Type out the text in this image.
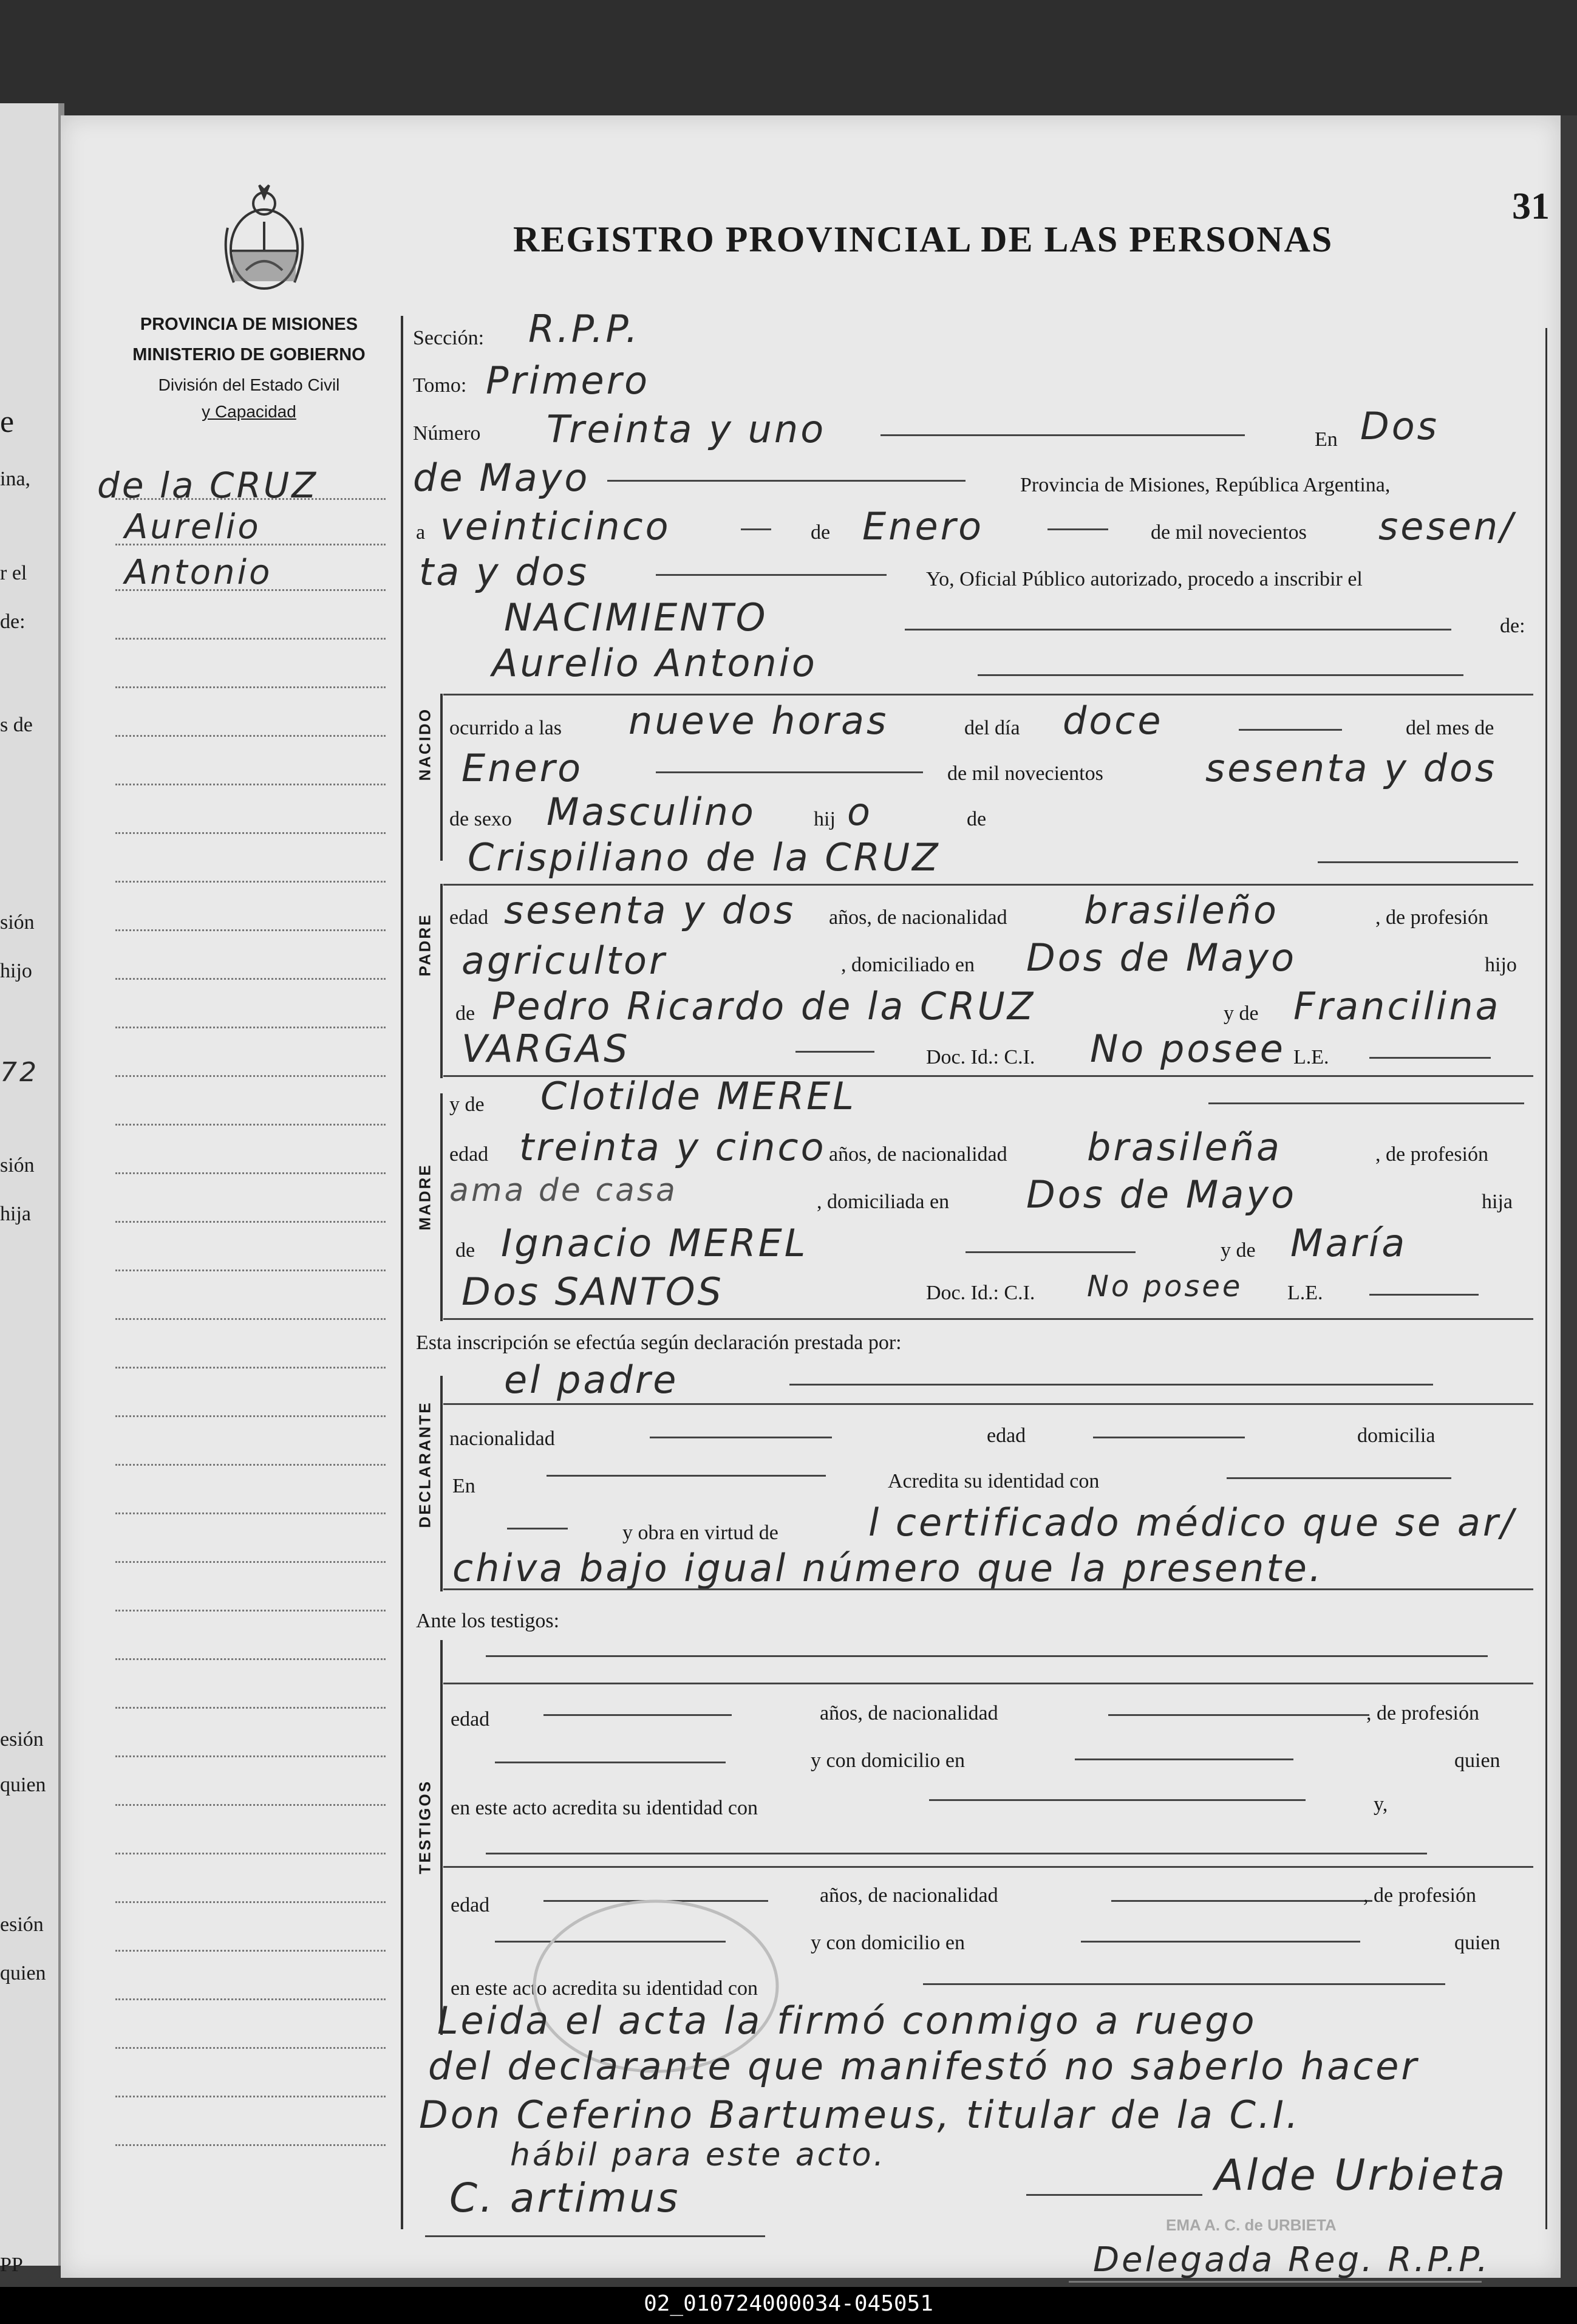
e
ina,
r el
de:
s de
sión
hijo
72
sión
hija
esión
quien
esión
quien
PP
REGISTRO PROVINCIAL DE LAS PERSONAS
31
PROVINCIA DE MISIONES
MINISTERIO DE GOBIERNO
División del Estado Civil
y Capacidad
de la CRUZ
Aurelio
Antonio
Sección: R.P.P.
Tomo: Primero
Número Treinta y uno	En Dos
de Mayo	Provincia de Misiones, República Argentina,
a veinticinco	de Enero	de mil novecientos sesen/
ta y dos	Yo, Oficial Público autorizado, procedo a inscribir el
NACIMIENTO	de:
Aurelio Antonio
NACIDO ocurrido a las nueve horas	del día doce	del mes de
Enero	de mil novecientos	sesenta y dos
de sexo Masculino	hij o	de
Crispiliano de la CRUZ
PADRE edad sesenta y dos años, de nacionalidad brasileño	, de profesión
agricultor	, domiciliado en Dos de Mayo	hijo
de Pedro Ricardo de la CRUZ	y de Francilina
VARGAS	Doc. Id.: C.I. No posee L.E.
MADRE
y de Clotilde MEREL
edad treinta y cinco años, de nacionalidad brasileña	, de profesión
ama de casa	, domiciliada en Dos de Mayo	hija
de Ignacio MEREL	y de María
Dos SANTOS	Doc. Id.: C.I. No posee L.E.
Esta inscripción se efectúa según declaración prestada por:
DECLARANTE
el padre
nacionalidad	edad	domicilia
En	Acredita su identidad con
y obra en virtud de l certificado médico que se ar/
chiva bajo igual número que la presente.
Ante los testigos:
TESTIGOS
edad	años, de nacionalidad	, de profesión
y con domicilio en	quien
en este acto acredita su identidad con	y,
edad	años, de nacionalidad	, de profesión
y con domicilio en	quien
en este acto acredita su identidad con
Leida el acta la firmó conmigo a ruego
del declarante que manifestó no saberlo hacer
Don Ceferino Bartumeus, titular de la C.I.
hábil para este acto.
C. artimus	Alde Urbieta
EMA A. C. de URBIETA
Delegada Reg. R.P.P.
02_010724000034-045051
